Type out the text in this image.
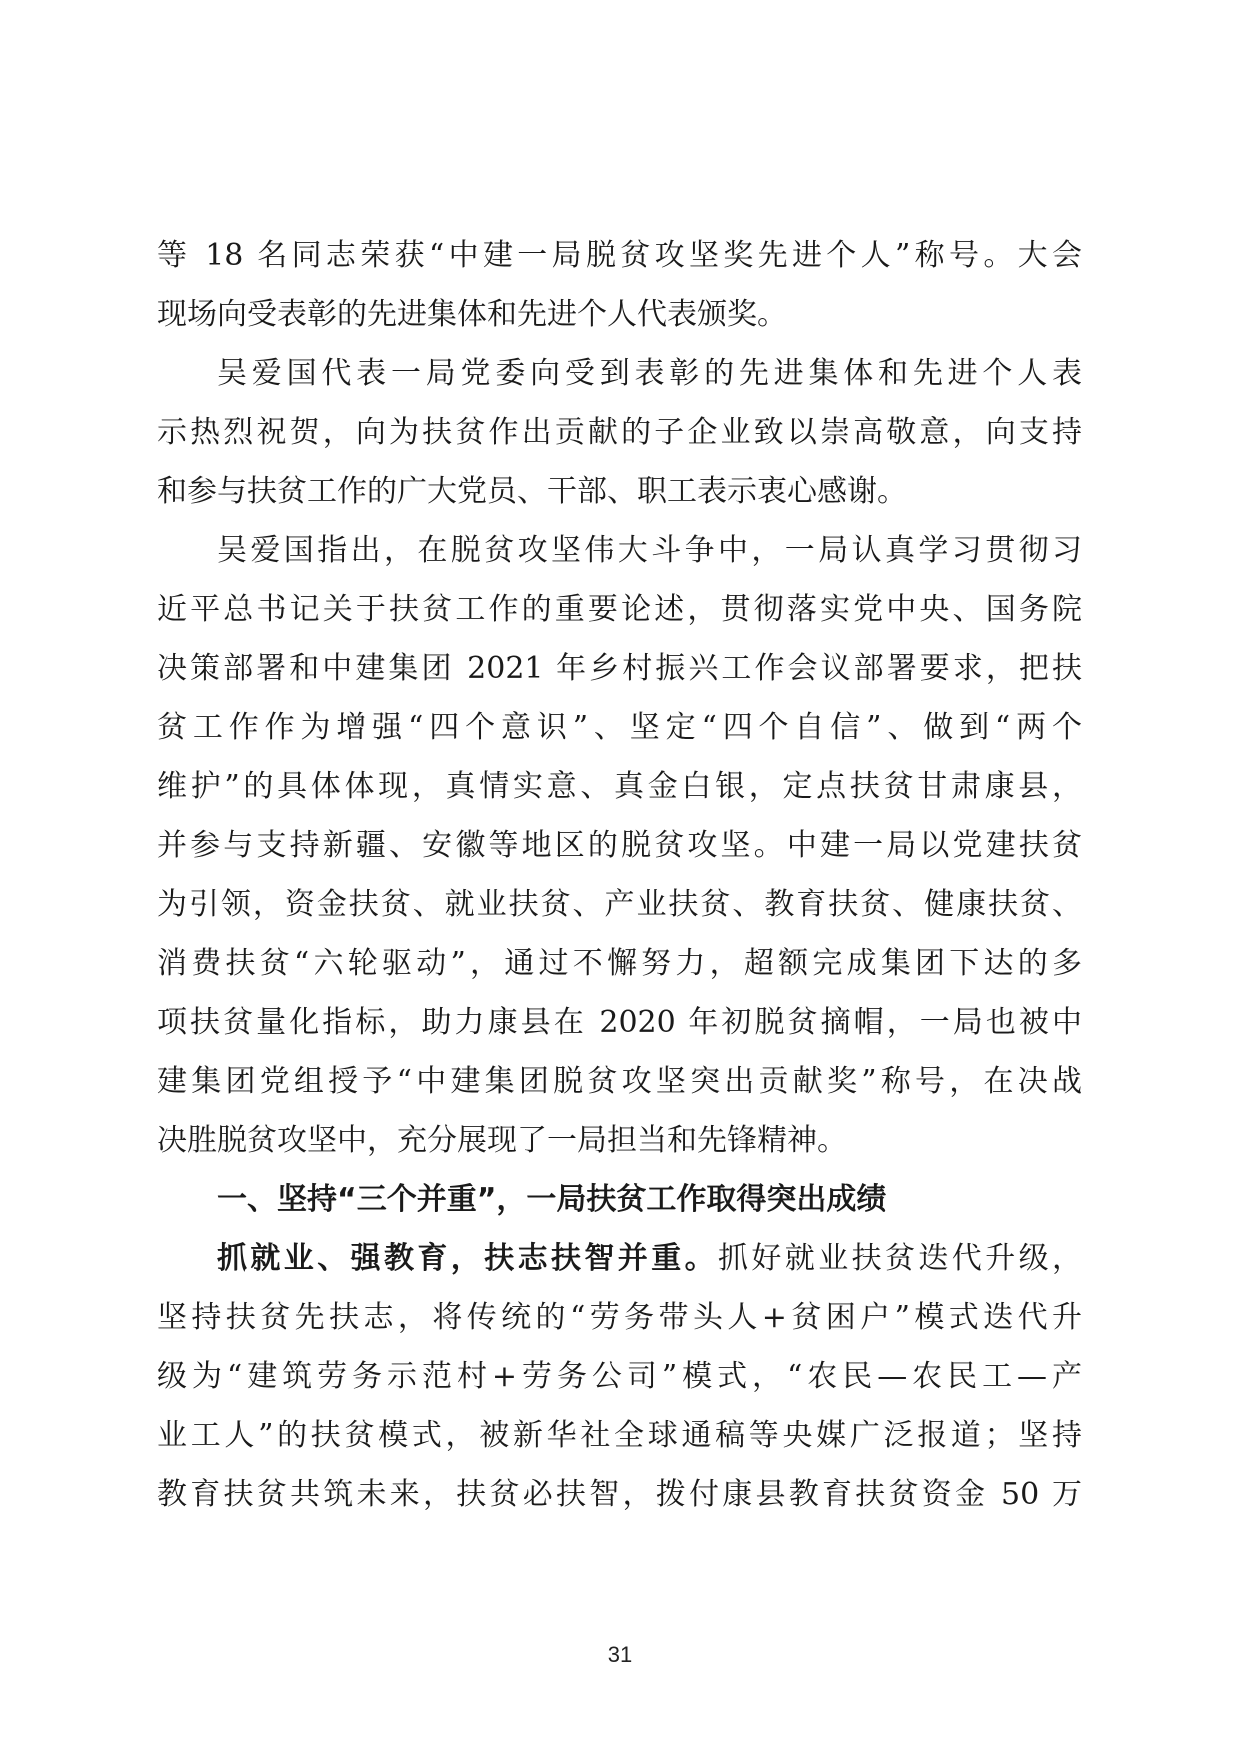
等 18 名同志荣获“中建一局脱贫攻坚奖先进个人”称号。大会
现场向受表彰的先进集体和先进个人代表颁奖。
吴爱国代表一局党委向受到表彰的先进集体和先进个人表
示热烈祝贺，向为扶贫作出贡献的子企业致以崇高敬意，向支持
和参与扶贫工作的广大党员、干部、职工表示衷心感谢。
吴爱国指出，在脱贫攻坚伟大斗争中，一局认真学习贯彻习
近平总书记关于扶贫工作的重要论述，贯彻落实党中央、国务院
决策部署和中建集团 2021 年乡村振兴工作会议部署要求，把扶
贫工作作为增强“四个意识”、坚定“四个自信”、做到“两个
维护”的具体体现，真情实意、真金白银，定点扶贫甘肃康县，
并参与支持新疆、安徽等地区的脱贫攻坚。中建一局以党建扶贫
为引领，资金扶贫、就业扶贫、产业扶贫、教育扶贫、健康扶贫、
消费扶贫“六轮驱动”，通过不懈努力，超额完成集团下达的多
项扶贫量化指标，助力康县在 2020 年初脱贫摘帽，一局也被中
建集团党组授予“中建集团脱贫攻坚突出贡献奖”称号，在决战
决胜脱贫攻坚中，充分展现了一局担当和先锋精神。
一、坚持“三个并重”，一局扶贫工作取得突出成绩
抓就业、强教育，扶志扶智并重。抓好就业扶贫迭代升级，
坚持扶贫先扶志，将传统的“劳务带头人+贫困户”模式迭代升
级为“建筑劳务示范村+劳务公司”模式，“农民—农民工—产
业工人”的扶贫模式，被新华社全球通稿等央媒广泛报道；坚持
教育扶贫共筑未来，扶贫必扶智，拨付康县教育扶贫资金 50 万
31
